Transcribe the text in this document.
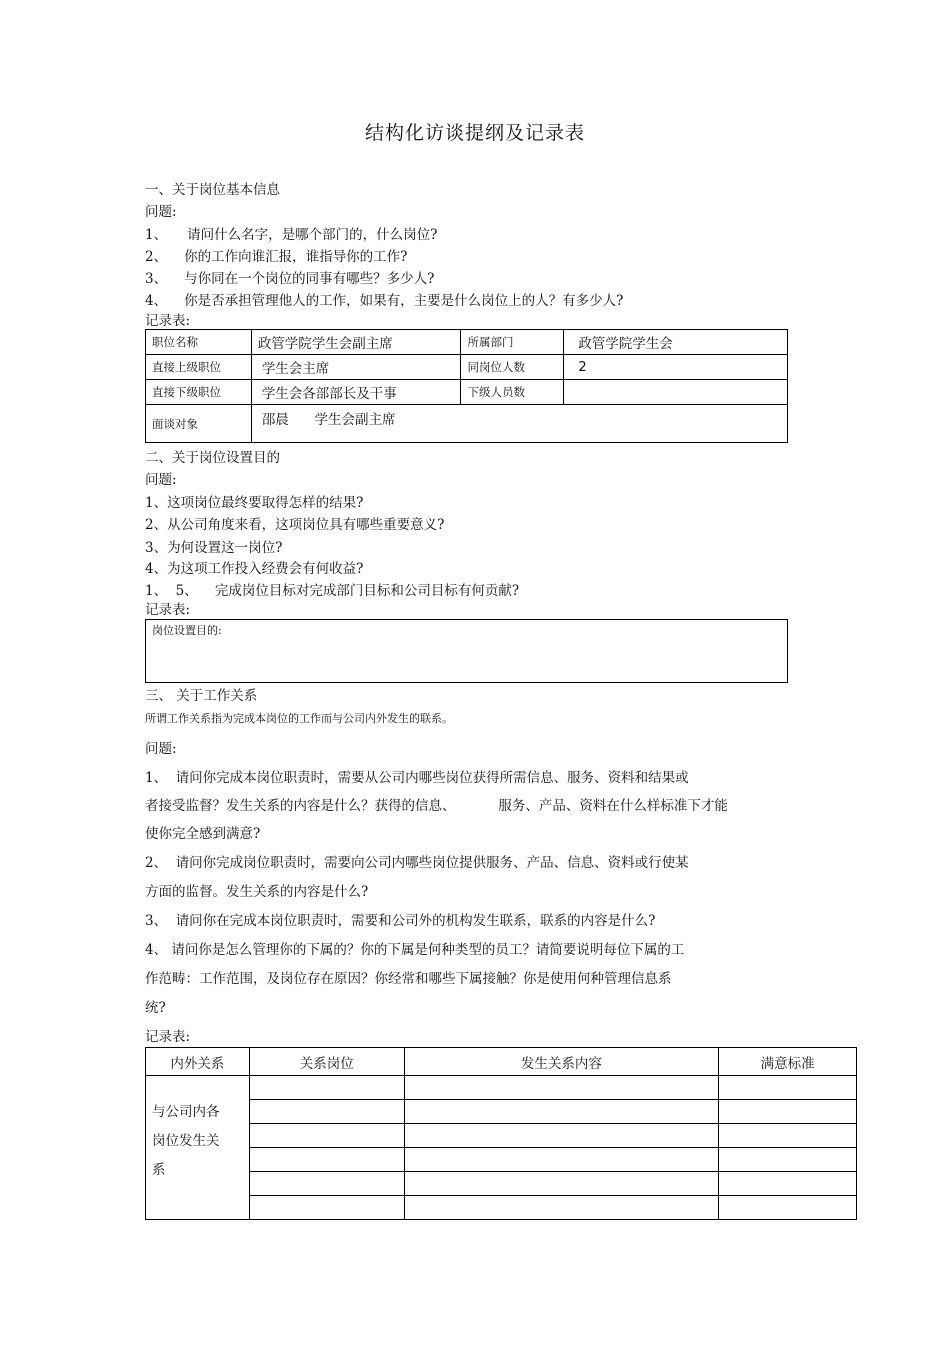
结构化访谈提纲及记录表
一、关于岗位基本信息
问题:
1、 请问什么名字，是哪个部门的，什么岗位?
2、 你的工作向谁汇报，谁指导你的工作?
3、 与你同在一个岗位的同事有哪些？多少人?
4、 你是否承担管理他人的工作，如果有，主要是什么岗位上的人？有多少人?
记录表:
职位名称	政管学院学生会副主席	所属部门	政管学院学生会
直接上级职位	学生会主席	同岗位人数	2
直接下级职位	学生会各部部长及干事	下级人员数	
面谈对象	邵晨      学生会副主席		
二、关于岗位设置目的
问题:
1、这项岗位最终要取得怎样的结果?
2、从公司角度来看，这项岗位具有哪些重要意义?
3、为何设置这一岗位?
4、为这项工作投入经费会有何收益?
1、  5、    完成岗位目标对完成部门目标和公司目标有何贡献?
记录表:
岗位设置目的:
三、 关于工作关系
所谓工作关系指为完成本岗位的工作而与公司内外发生的联系。
问题:
1、  请问你完成本岗位职责时，需要从公司内哪些岗位获得所需信息、服务、资料和结果或
者接受监督？发生关系的内容是什么？获得的信息、          服务、产品、资料在什么样标准下才能
使你完全感到满意?
2、  请问你完成岗位职责时，需要向公司内哪些岗位提供服务、产品、信息、资料或行使某
方面的监督。发生关系的内容是什么?
3、  请问你在完成本岗位职责时，需要和公司外的机构发生联系，联系的内容是什么?
4、 请问你是怎么管理你的下属的？你的下属是何种类型的员工？请简要说明每位下属的工
作范畴：工作范围，及岗位存在原因？你经常和哪些下属接触？你是使用何种管理信息系
统?
记录表:
内外关系	关系岗位	发生关系内容	满意标准

与公司内各
岗位发生关
系			
